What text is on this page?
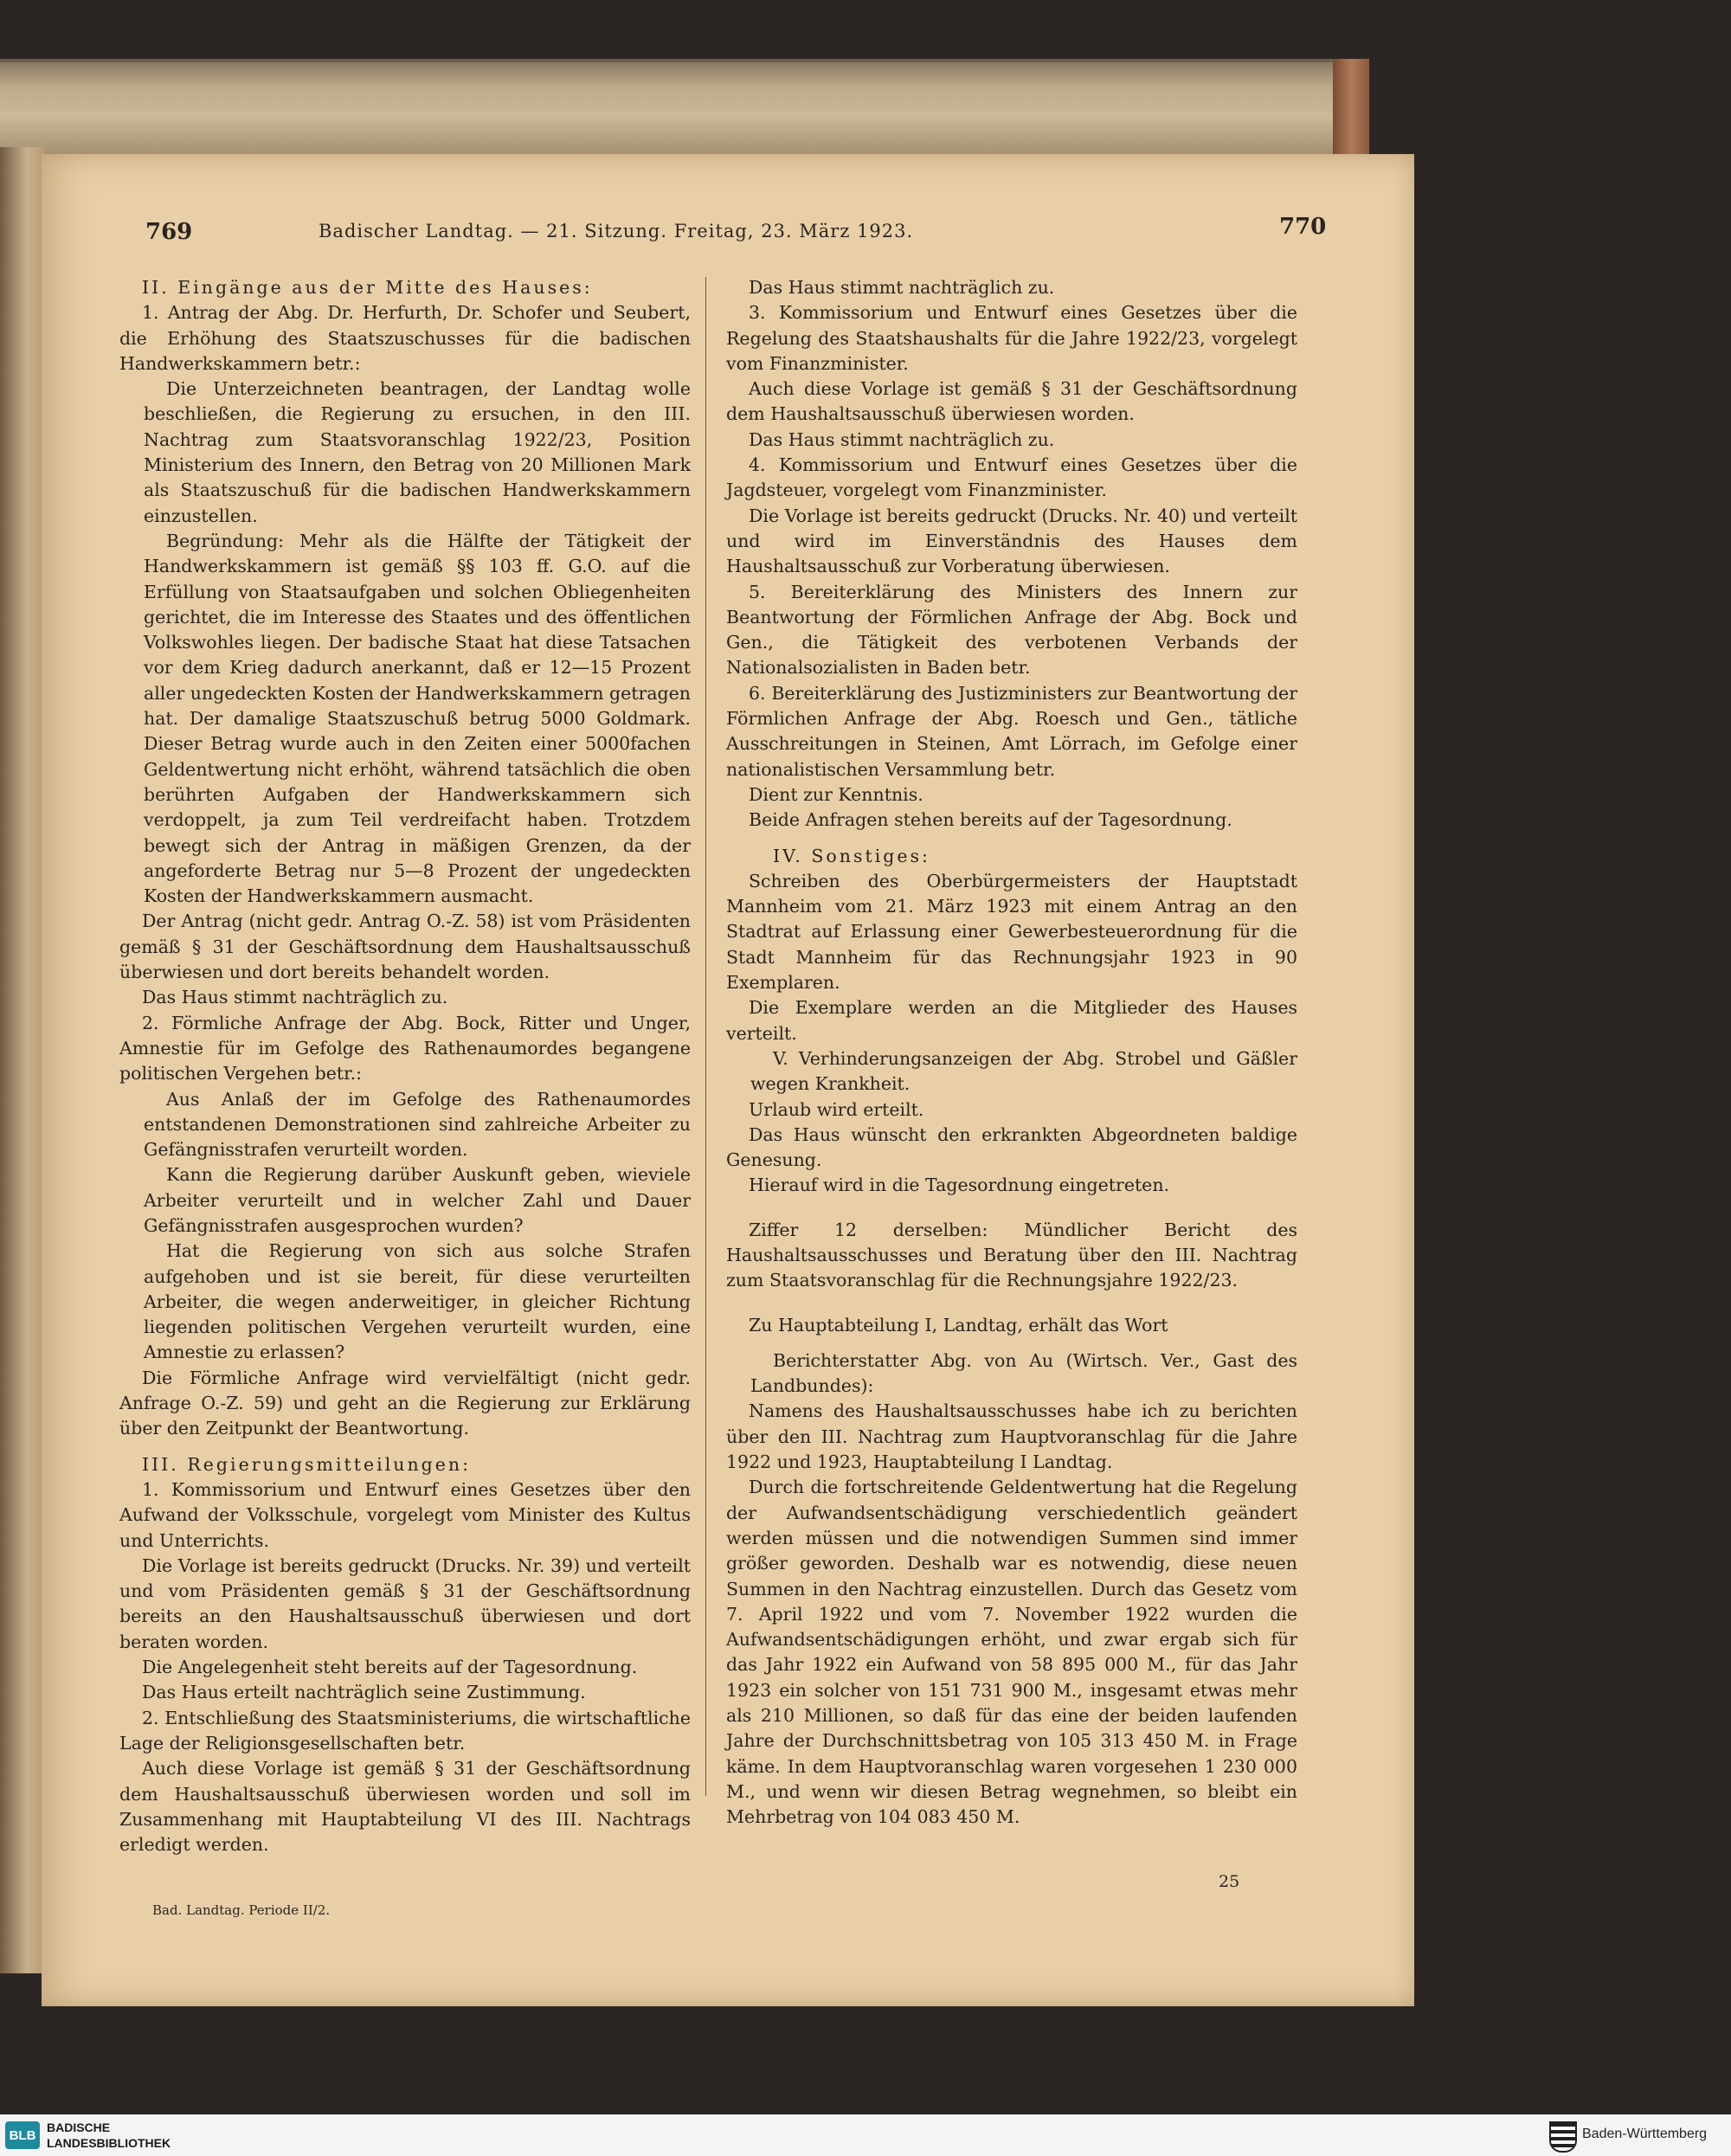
769	Badischer Landtag. — 21. Sitzung. Freitag, 23. März 1923.	770

II. Eingänge aus der Mitte des Hauses:

1. Antrag der Abg. Dr. Herfurth, Dr. Schofer und Seubert, die Erhöhung des Staatszuschusses für die badischen Handwerkskammern betr.:

Die Unterzeichneten beantragen, der Landtag wolle beschließen, die Regierung zu ersuchen, in den III. Nachtrag zum Staatsvoranschlag 1922/23, Position Ministerium des Innern, den Betrag von 20 Millionen Mark als Staatszuschuß für die badischen Handwerkskammern einzustellen.

Begründung: Mehr als die Hälfte der Tätigkeit der Handwerkskammern ist gemäß §§ 103 ff. G.O. auf die Erfüllung von Staatsaufgaben und solchen Obliegenheiten gerichtet, die im Interesse des Staates und des öffentlichen Volkswohles liegen. Der badische Staat hat diese Tatsachen vor dem Krieg dadurch anerkannt, daß er 12—15 Prozent aller ungedeckten Kosten der Handwerkskammern getragen hat. Der damalige Staatszuschuß betrug 5000 Goldmark. Dieser Betrag wurde auch in den Zeiten einer 5000fachen Geldentwertung nicht erhöht, während tatsächlich die oben berührten Aufgaben der Handwerkskammern sich verdoppelt, ja zum Teil verdreifacht haben. Trotzdem bewegt sich der Antrag in mäßigen Grenzen, da der angeforderte Betrag nur 5—8 Prozent der ungedeckten Kosten der Handwerkskammern ausmacht.

Der Antrag (nicht gedr. Antrag O.-Z. 58) ist vom Präsidenten gemäß § 31 der Geschäftsordnung dem Haushaltsausschuß überwiesen und dort bereits behandelt worden.

Das Haus stimmt nachträglich zu.

2. Förmliche Anfrage der Abg. Bock, Ritter und Unger, Amnestie für im Gefolge des Rathenaumordes begangene politischen Vergehen betr.:

Aus Anlaß der im Gefolge des Rathenaumordes entstandenen Demonstrationen sind zahlreiche Arbeiter zu Gefängnisstrafen verurteilt worden.

Kann die Regierung darüber Auskunft geben, wieviele Arbeiter verurteilt und in welcher Zahl und Dauer Gefängnisstrafen ausgesprochen wurden?

Hat die Regierung von sich aus solche Strafen aufgehoben und ist sie bereit, für diese verurteilten Arbeiter, die wegen anderweitiger, in gleicher Richtung liegenden politischen Vergehen verurteilt wurden, eine Amnestie zu erlassen?

Die Förmliche Anfrage wird vervielfältigt (nicht gedr. Anfrage O.-Z. 59) und geht an die Regierung zur Erklärung über den Zeitpunkt der Beantwortung.

III. Regierungsmitteilungen:

1. Kommissorium und Entwurf eines Gesetzes über den Aufwand der Volksschule, vorgelegt vom Minister des Kultus und Unterrichts.

Die Vorlage ist bereits gedruckt (Drucks. Nr. 39) und verteilt und vom Präsidenten gemäß § 31 der Geschäftsordnung bereits an den Haushaltsausschuß überwiesen und dort beraten worden.

Die Angelegenheit steht bereits auf der Tagesordnung.

Das Haus erteilt nachträglich seine Zustimmung.

2. Entschließung des Staatsministeriums, die wirtschaftliche Lage der Religionsgesellschaften betr.

Auch diese Vorlage ist gemäß § 31 der Geschäftsordnung dem Haushaltsausschuß überwiesen worden und soll im Zusammenhang mit Hauptabteilung VI des III. Nachtrags erledigt werden.

Das Haus stimmt nachträglich zu.

3. Kommissorium und Entwurf eines Gesetzes über die Regelung des Staatshaushalts für die Jahre 1922/23, vorgelegt vom Finanzminister.

Auch diese Vorlage ist gemäß § 31 der Geschäftsordnung dem Haushaltsausschuß überwiesen worden.

Das Haus stimmt nachträglich zu.

4. Kommissorium und Entwurf eines Gesetzes über die Jagdsteuer, vorgelegt vom Finanzminister.

Die Vorlage ist bereits gedruckt (Drucks. Nr. 40) und verteilt und wird im Einverständnis des Hauses dem Haushaltsausschuß zur Vorberatung überwiesen.

5. Bereiterklärung des Ministers des Innern zur Beantwortung der Förmlichen Anfrage der Abg. Bock und Gen., die Tätigkeit des verbotenen Verbands der Nationalsozialisten in Baden betr.

6. Bereiterklärung des Justizministers zur Beantwortung der Förmlichen Anfrage der Abg. Roesch und Gen., tätliche Ausschreitungen in Steinen, Amt Lörrach, im Gefolge einer nationalistischen Versammlung betr.

Dient zur Kenntnis.

Beide Anfragen stehen bereits auf der Tagesordnung.

IV. Sonstiges:

Schreiben des Oberbürgermeisters der Hauptstadt Mannheim vom 21. März 1923 mit einem Antrag an den Stadtrat auf Erlassung einer Gewerbesteuerordnung für die Stadt Mannheim für das Rechnungsjahr 1923 in 90 Exemplaren.

Die Exemplare werden an die Mitglieder des Hauses verteilt.

V. Verhinderungsanzeigen der Abg. Strobel und Gäßler wegen Krankheit.

Urlaub wird erteilt.

Das Haus wünscht den erkrankten Abgeordneten baldige Genesung.

Hierauf wird in die Tagesordnung eingetreten.

Ziffer 12 derselben: Mündlicher Bericht des Haushaltsausschusses und Beratung über den III. Nachtrag zum Staatsvoranschlag für die Rechnungsjahre 1922/23.

Zu Hauptabteilung I, Landtag, erhält das Wort

Berichterstatter Abg. von Au (Wirtsch. Ver., Gast des Landbundes):

Namens des Haushaltsausschusses habe ich zu berichten über den III. Nachtrag zum Hauptvoranschlag für die Jahre 1922 und 1923, Hauptabteilung I Landtag.

Durch die fortschreitende Geldentwertung hat die Regelung der Aufwandsentschädigung verschiedentlich geändert werden müssen und die notwendigen Summen sind immer größer geworden. Deshalb war es notwendig, diese neuen Summen in den Nachtrag einzustellen. Durch das Gesetz vom 7. April 1922 und vom 7. November 1922 wurden die Aufwandsentschädigungen erhöht, und zwar ergab sich für das Jahr 1922 ein Aufwand von 58 895 000 M., für das Jahr 1923 ein solcher von 151 731 900 M., insgesamt etwas mehr als 210 Millionen, so daß für das eine der beiden laufenden Jahre der Durchschnittsbetrag von 105 313 450 M. in Frage käme. In dem Hauptvoranschlag waren vorgesehen 1 230 000 M., und wenn wir diesen Betrag wegnehmen, so bleibt ein Mehrbetrag von 104 083 450 M.

Bad. Landtag. Periode II/2.
25
BLB
BADISCHE
LANDESBIBLIOTHEK
Baden-Württemberg
